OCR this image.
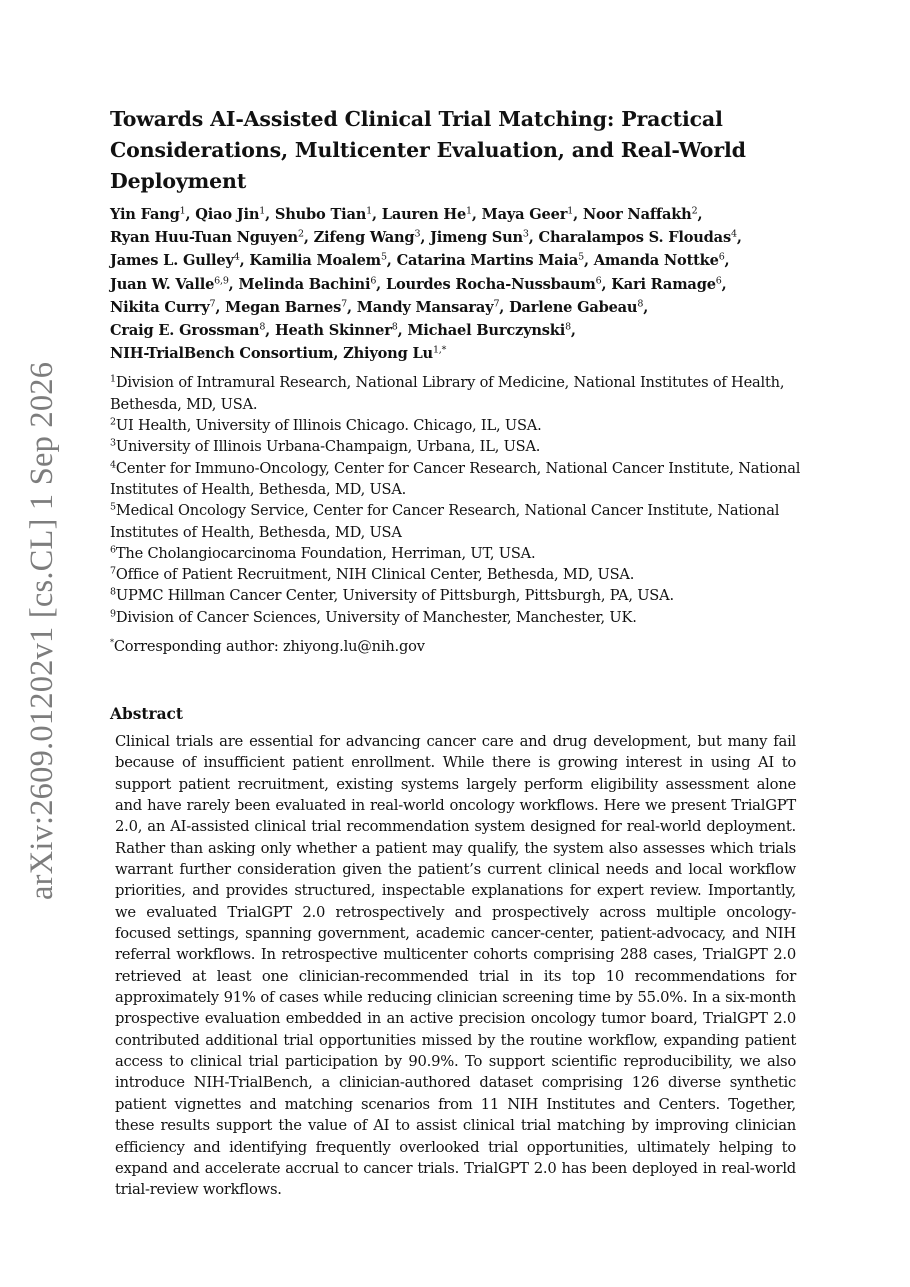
arXiv:2609.01202v1 [cs.CL] 1 Sep 2026
Towards AI-Assisted Clinical Trial Matching: Practical Considerations, Multicenter Evaluation, and Real-World Deployment
Yin Fang$^1$, Qiao Jin$^1$, Shubo Tian$^1$, Lauren He$^1$, Maya Geer$^1$, Noor Naffakh$^2$, Ryan Huu-Tuan Nguyen$^2$, Zifeng Wang$^3$, Jimeng Sun$^3$, Charalampos S. Floudas$^4$, James L. Gulley$^4$, Kamilia Moalem$^5$, Catarina Martins Maia$^5$, Amanda Nottke$^6$, Juan W. Valle$^{6,9}$, Melinda Bachini$^6$, Lourdes Rocha-Nussbaum$^6$, Kari Ramage$^6$, Nikita Curry$^7$, Megan Barnes$^7$, Mandy Mansaray$^7$, Darlene Gabeau$^8$, Craig E. Grossman$^8$, Heath Skinner$^8$, Michael Burczynski$^8$, NIH-TrialBench Consortium, Zhiyong $Lu^{1,*}$

$^1$Division of Intramural Research, National Library of Medicine, National Institutes of Health, Bethesda, MD, USA.

$^2$UI Health, University of Illinois Chicago. Chicago, IL, USA.

$^3$University of Illinois Urbana-Champaign, Urbana, IL, USA.

$^4$Center for Immuno-Oncology, Center for Cancer Research, National Cancer Institute, National Institutes of Health, Bethesda, MD, USA.

$^5$Medical Oncology Service, Center for Cancer Research, National Cancer Institute, National Institutes of Health, Bethesda, MD, USA

$^6$The Cholangiocarcinoma Foundation, Herriman, UT, USA.

$^7$Office of Patient Recruitment, NIH Clinical Center, Bethesda, MD, USA.

$^8$UPMC Hillman Cancer Center, University of Pittsburgh, Pittsburgh, PA, USA.

$^9$Division of Cancer Sciences, University of Manchester, Manchester, UK.

*Corresponding author: zhiyong.lu@nih.gov
Abstract

Clinical trials are essential for advancing cancer care and drug development, but many fail because of insufficient patient enrollment. While there is growing interest in using AI to support patient recruitment, existing systems largely perform eligibility assessment alone and have rarely been evaluated in real-world oncology workflows. Here we present TrialGPT 2.0, an AI-assisted clinical trial recommendation system designed for real-world deployment. Rather than asking only whether a patient may qualify, the system also assesses which trials warrant further consideration given the patient’s current clinical needs and local workflow priorities, and provides structured, inspectable explanations for expert review. Importantly, we evaluated TrialGPT 2.0 retrospectively and prospectively across multiple oncology-focused settings, spanning government, academic cancer-center, patient-advocacy, and NIH referral workflows. In retrospective multicenter cohorts comprising 288 cases, TrialGPT 2.0 retrieved at least one clinician-recommended trial in its top 10 recommendations for approximately 91% of cases while reducing clinician screening time by 55.0%. In a six-month prospective evaluation embedded in an active precision oncology tumor board, TrialGPT 2.0 contributed additional trial opportunities missed by the routine workflow, expanding patient access to clinical trial participation by 90.9%. To support scientific reproducibility, we also introduce NIH-TrialBench, a clinician-authored dataset comprising 126 diverse synthetic patient vignettes and matching scenarios from 11 NIH Institutes and Centers. Together, these results support the value of AI to assist clinical trial matching by improving clinician efficiency and identifying frequently overlooked trial opportunities, ultimately helping to expand and accelerate accrual to cancer trials. TrialGPT 2.0 has been deployed in real-world trial-review workflows.
